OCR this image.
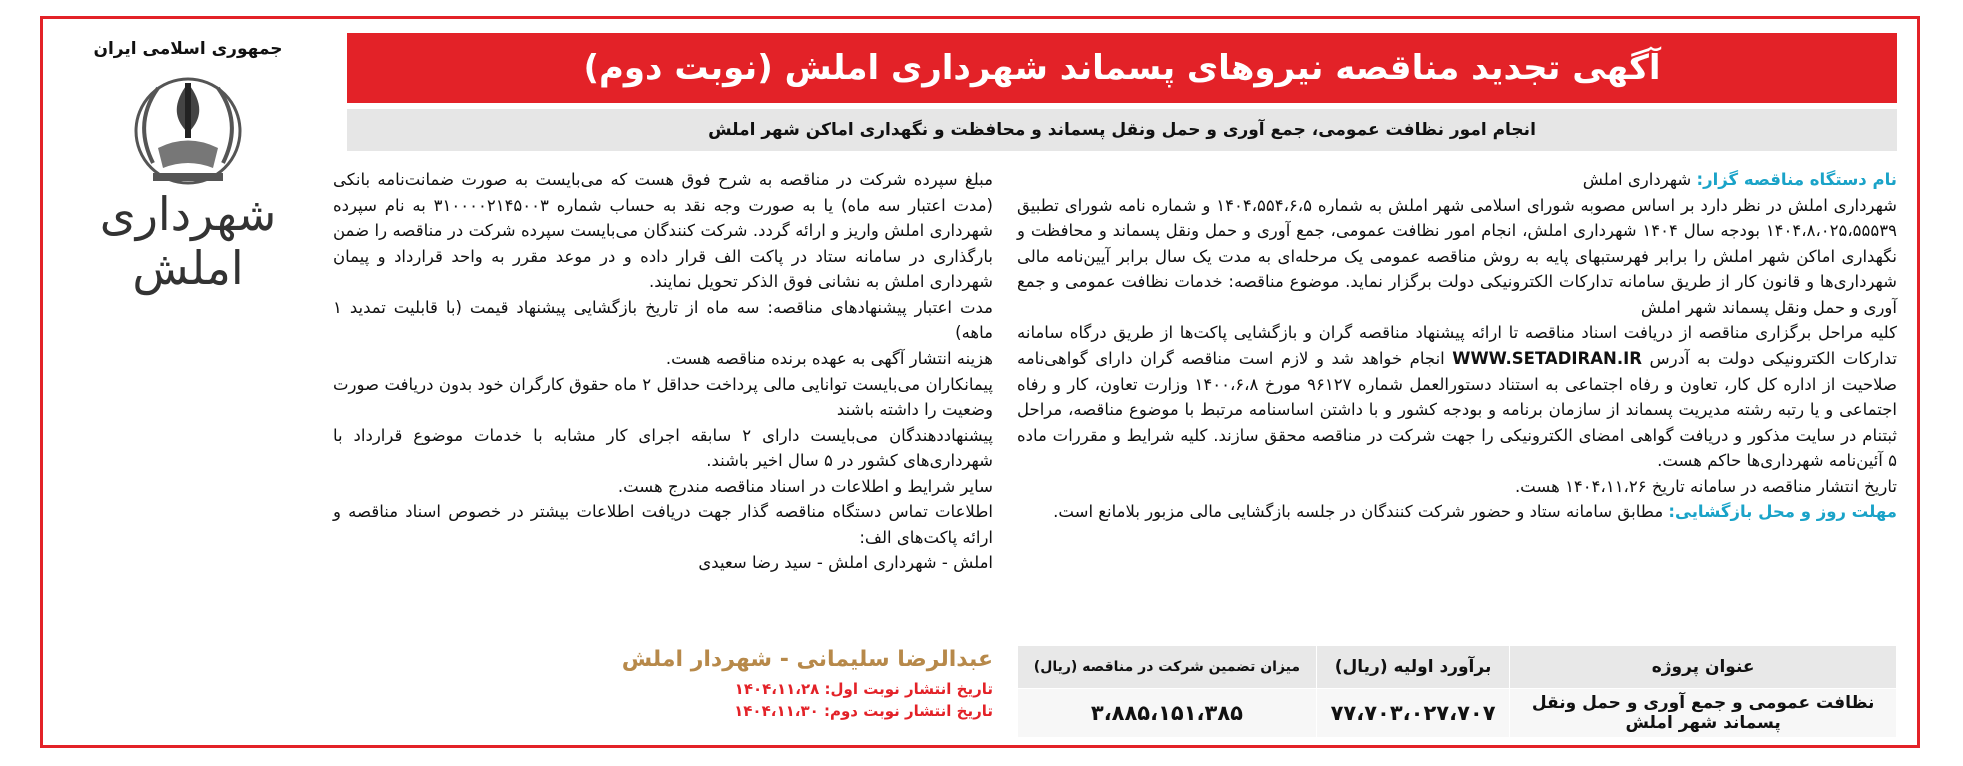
آگهی تجدید مناقصه نیروهای پسماند شهرداری املش (نوبت دوم)
انجام امور نظافت عمومی، جمع آوری و حمل ونقل پسماند و محافظت و نگهداری اماکن شهر املش
جمهوری اسلامی ایران
شهرداری املش

نام دستگاه مناقصه گزار: شهرداری املش

شهرداری املش در نظر دارد بر اساس مصوبه شورای اسلامی شهر املش به شماره ۱۴۰۴،۵۵۴،۶،۵ و شماره نامه شورای تطبیق ۱۴۰۴،۸،۰۲۵،۵۵۵۳۹ بودجه سال ۱۴۰۴ شهرداری املش، انجام امور نظافت عمومی، جمع آوری و حمل ونقل پسماند و محافظت و نگهداری اماکن شهر املش را برابر فهرستبهای پایه به روش مناقصه عمومی یک مرحله‌ای به مدت یک سال برابر آیین‌نامه مالی شهرداری‌ها و قانون کار از طریق سامانه تدارکات الکترونیکی دولت برگزار نماید. موضوع مناقصه: خدمات نظافت عمومی و جمع آوری و حمل ونقل پسماند شهر املش

کلیه مراحل برگزاری مناقصه از دریافت اسناد مناقصه تا ارائه پیشنهاد مناقصه گران و بازگشایی پاکت‌ها از طریق درگاه سامانه تدارکات الکترونیکی دولت به آدرس WWW.SETADIRAN.IR انجام خواهد شد و لازم است مناقصه گران دارای گواهی‌نامه صلاحیت از اداره کل کار، تعاون و رفاه اجتماعی به استناد دستورالعمل شماره ۹۶۱۲۷ مورخ ۱۴۰۰،۶،۸ وزارت تعاون، کار و رفاه اجتماعی و یا رتبه رشته مدیریت پسماند از سازمان برنامه و بودجه کشور و با داشتن اساسنامه مرتبط با موضوع مناقصه، مراحل ثبتنام در سایت مذکور و دریافت گواهی امضای الکترونیکی را جهت شرکت در مناقصه محقق سازند. کلیه شرایط و مقررات ماده ۵ آئین‌نامه شهرداری‌ها حاکم هست.

تاریخ انتشار مناقصه در سامانه تاریخ ۱۴۰۴،۱۱،۲۶ هست.

مهلت روز و محل بازگشایی: مطابق سامانه ستاد و حضور شرکت کنندگان در جلسه بازگشایی مالی مزبور بلامانع است.

عنوان پروژه	برآورد اولیه (ریال)	میزان تضمین شرکت در مناقصه (ریال)
نظافت عمومی و جمع آوری و حمل ونقل پسماند شهر املش	۷۷،۷۰۳،۰۲۷،۷۰۷	۳،۸۸۵،۱۵۱،۳۸۵

مبلغ سپرده شرکت در مناقصه به شرح فوق هست که می‌بایست به صورت ضمانت‌نامه بانکی (مدت اعتبار سه ماه) یا به صورت وجه نقد به حساب شماره ۳۱۰۰۰۰۲۱۴۵۰۰۳ به نام سپرده شهرداری املش واریز و ارائه گردد. شرکت کنندگان می‌بایست سپرده شرکت در مناقصه را ضمن بارگذاری در سامانه ستاد در پاکت الف قرار داده و در موعد مقرر به واحد قرارداد و پیمان شهرداری املش به نشانی فوق الذکر تحویل نمایند.

مدت اعتبار پیشنهادهای مناقصه: سه ماه از تاریخ بازگشایی پیشنهاد قیمت (با قابلیت تمدید ۱ ماهه)

هزینه انتشار آگهی به عهده برنده مناقصه هست.

پیمانکاران می‌بایست توانایی مالی پرداخت حداقل ۲ ماه حقوق کارگران خود بدون دریافت صورت وضعیت را داشته باشند

پیشنهاددهندگان می‌بایست دارای ۲ سابقه اجرای کار مشابه با خدمات موضوع قرارداد با شهرداری‌های کشور در ۵ سال اخیر باشند.

سایر شرایط و اطلاعات در اسناد مناقصه مندرج هست.

اطلاعات تماس دستگاه مناقصه گذار جهت دریافت اطلاعات بیشتر در خصوص اسناد مناقصه و ارائه پاکت‌های الف:

املش - شهرداری املش - سید رضا سعیدی

عبدالرضا سلیمانی - شهردار املش
تاریخ انتشار نوبت اول: ۱۴۰۴،۱۱،۲۸
تاریخ انتشار نوبت دوم: ۱۴۰۴،۱۱،۳۰
